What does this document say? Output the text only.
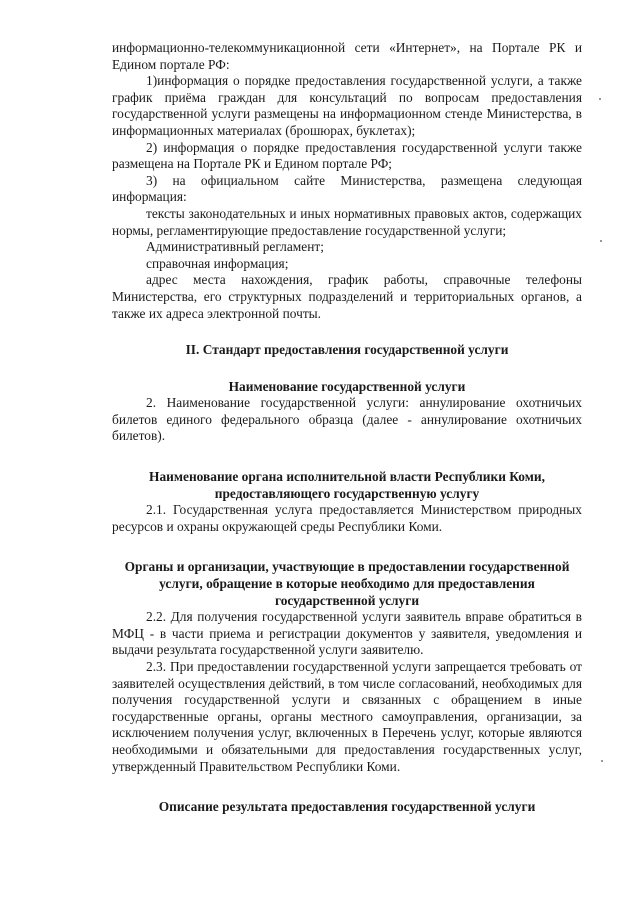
информационно-телекоммуникационной сети «Интернет», на Портале РК и Едином портале РФ:

1)информация о порядке предоставления государственной услуги, а также график приёма граждан для консультаций по вопросам предоставления государственной услуги размещены на информационном стенде Министерства, в информационных материалах (брошюрах, буклетах);

2) информация о порядке предоставления государственной услуги также размещена на Портале РК и Едином портале РФ;

3) на официальном сайте Министерства, размещена следующая информация:

тексты законодательных и иных нормативных правовых актов, содержащих нормы, регламентирующие предоставление государственной услуги;

Административный регламент;

справочная информация;

адрес места нахождения, график работы, справочные телефоны Министерства, его структурных подразделений и территориальных органов, а также их адреса электронной почты.

II. Стандарт предоставления государственной услуги

Наименование государственной услуги

2. Наименование государственной услуги: аннулирование охотничьих билетов единого федерального образца (далее - аннулирование охотничьих билетов).

Наименование органа исполнительной власти Республики Коми, предоставляющего государственную услугу

2.1. Государственная услуга предоставляется Министерством природных ресурсов и охраны окружающей среды Республики Коми.

Органы и организации, участвующие в предоставлении государственной услуги, обращение в которые необходимо для предоставления государственной услуги

2.2. Для получения государственной услуги заявитель вправе обратиться в МФЦ - в части приема и регистрации документов у заявителя, уведомления и выдачи результата государственной услуги заявителю.

2.3. При предоставлении государственной услуги запрещается требовать от заявителей осуществления действий, в том числе согласований, необходимых для получения государственной услуги и связанных с обращением в иные государственные органы, органы местного самоуправления, организации, за исключением получения услуг, включенных в Перечень услуг, которые являются необходимыми и обязательными для предоставления государственных услуг, утвержденный Правительством Республики Коми.

Описание результата предоставления государственной услуги
